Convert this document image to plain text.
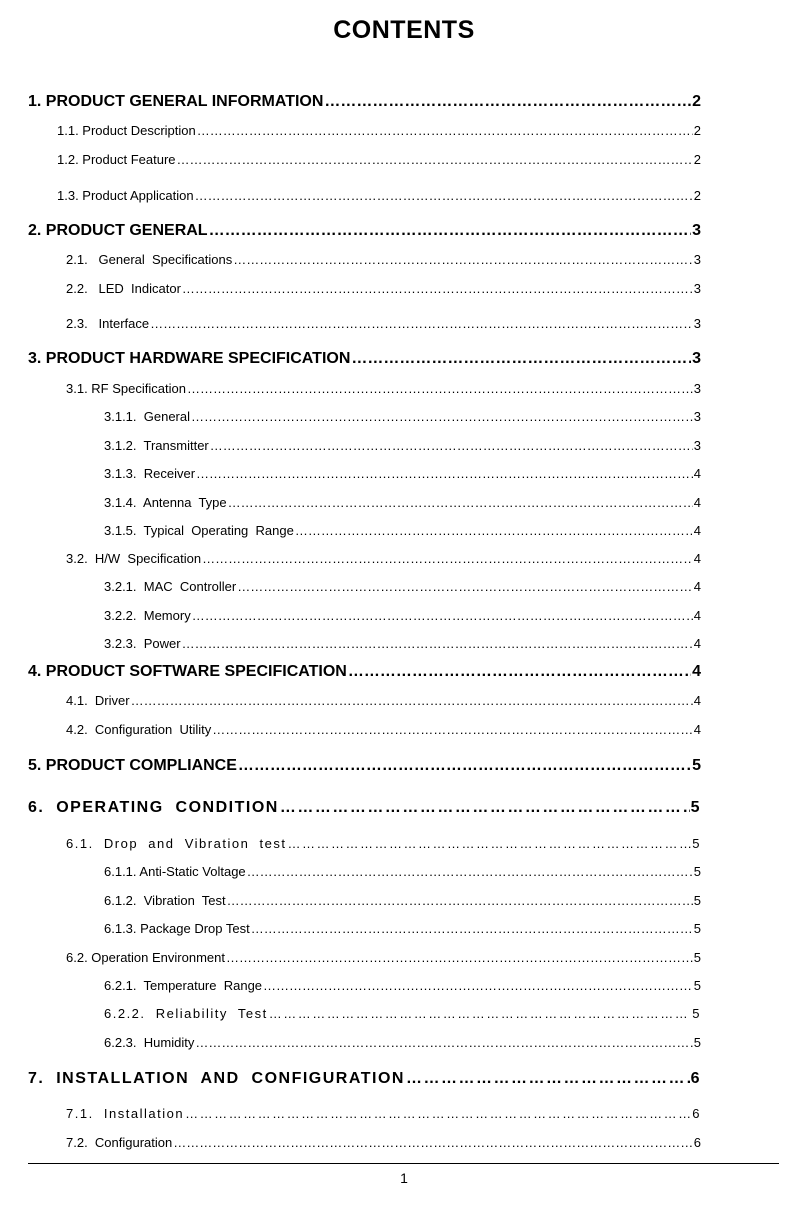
CONTENTS
1. PRODUCT GENERAL INFORMATION ……………………………………………………………………………………………………………………………………………………………………………………………………………………………………	2
1.1. Product Description ……………………………………………………………………………………………………………………………………………………………………………………………………………………………………	2
1.2. Product Feature ……………………………………………………………………………………………………………………………………………………………………………………………………………………………………	2
1.3. Product Application ……………………………………………………………………………………………………………………………………………………………………………………………………………………………………	2
2. PRODUCT GENERAL ……………………………………………………………………………………………………………………………………………………………………………………………………………………………………	3
2.1.   General  Specifications ……………………………………………………………………………………………………………………………………………………………………………………………………………………………………	3
2.2.   LED  Indicator ……………………………………………………………………………………………………………………………………………………………………………………………………………………………………	3
2.3.   Interface ……………………………………………………………………………………………………………………………………………………………………………………………………………………………………	3
3. PRODUCT HARDWARE SPECIFICATION ……………………………………………………………………………………………………………………………………………………………………………………………………………………………………	3
3.1. RF Specification ……………………………………………………………………………………………………………………………………………………………………………………………………………………………………	3
3.1.1.  General ……………………………………………………………………………………………………………………………………………………………………………………………………………………………………	3
3.1.2.  Transmitter ……………………………………………………………………………………………………………………………………………………………………………………………………………………………………	3
3.1.3.  Receiver ……………………………………………………………………………………………………………………………………………………………………………………………………………………………………	4
3.1.4.  Antenna  Type ……………………………………………………………………………………………………………………………………………………………………………………………………………………………………	4
3.1.5.  Typical  Operating  Range ……………………………………………………………………………………………………………………………………………………………………………………………………………………………………	4
3.2.  H/W  Specification ……………………………………………………………………………………………………………………………………………………………………………………………………………………………………	4
3.2.1.  MAC  Controller ……………………………………………………………………………………………………………………………………………………………………………………………………………………………………	4
3.2.2.  Memory ……………………………………………………………………………………………………………………………………………………………………………………………………………………………………	4
3.2.3.  Power ……………………………………………………………………………………………………………………………………………………………………………………………………………………………………	4
4. PRODUCT SOFTWARE SPECIFICATION ……………………………………………………………………………………………………………………………………………………………………………………………………………………………………	4
4.1.  Driver ……………………………………………………………………………………………………………………………………………………………………………………………………………………………………	4
4.2.  Configuration  Utility ……………………………………………………………………………………………………………………………………………………………………………………………………………………………………	4
5. PRODUCT COMPLIANCE ……………………………………………………………………………………………………………………………………………………………………………………………………………………………………	5
6.  OPERATING  CONDITION ……………………………………………………………………………………………………………………………………………………………………………………………………………………………………	5
6.1.  Drop  and  Vibration  test ……………………………………………………………………………………………………………………………………………………………………………………………………………………………………	5
6.1.1. Anti-Static Voltage ……………………………………………………………………………………………………………………………………………………………………………………………………………………………………	5
6.1.2.  Vibration  Test ……………………………………………………………………………………………………………………………………………………………………………………………………………………………………	5
6.1.3. Package Drop Test ……………………………………………………………………………………………………………………………………………………………………………………………………………………………………	5
6.2. Operation Environment ……………………………………………………………………………………………………………………………………………………………………………………………………………………………………	5
6.2.1.  Temperature  Range ……………………………………………………………………………………………………………………………………………………………………………………………………………………………………	5
6.2.2.  Reliability  Test ……………………………………………………………………………………………………………………………………………………………………………………………………………………………………	5
6.2.3.  Humidity ……………………………………………………………………………………………………………………………………………………………………………………………………………………………………	5
7.  INSTALLATION  AND  CONFIGURATION ……………………………………………………………………………………………………………………………………………………………………………………………………………………………………	6
7.1.  Installation ……………………………………………………………………………………………………………………………………………………………………………………………………………………………………	6
7.2.  Configuration ……………………………………………………………………………………………………………………………………………………………………………………………………………………………………	6
1
